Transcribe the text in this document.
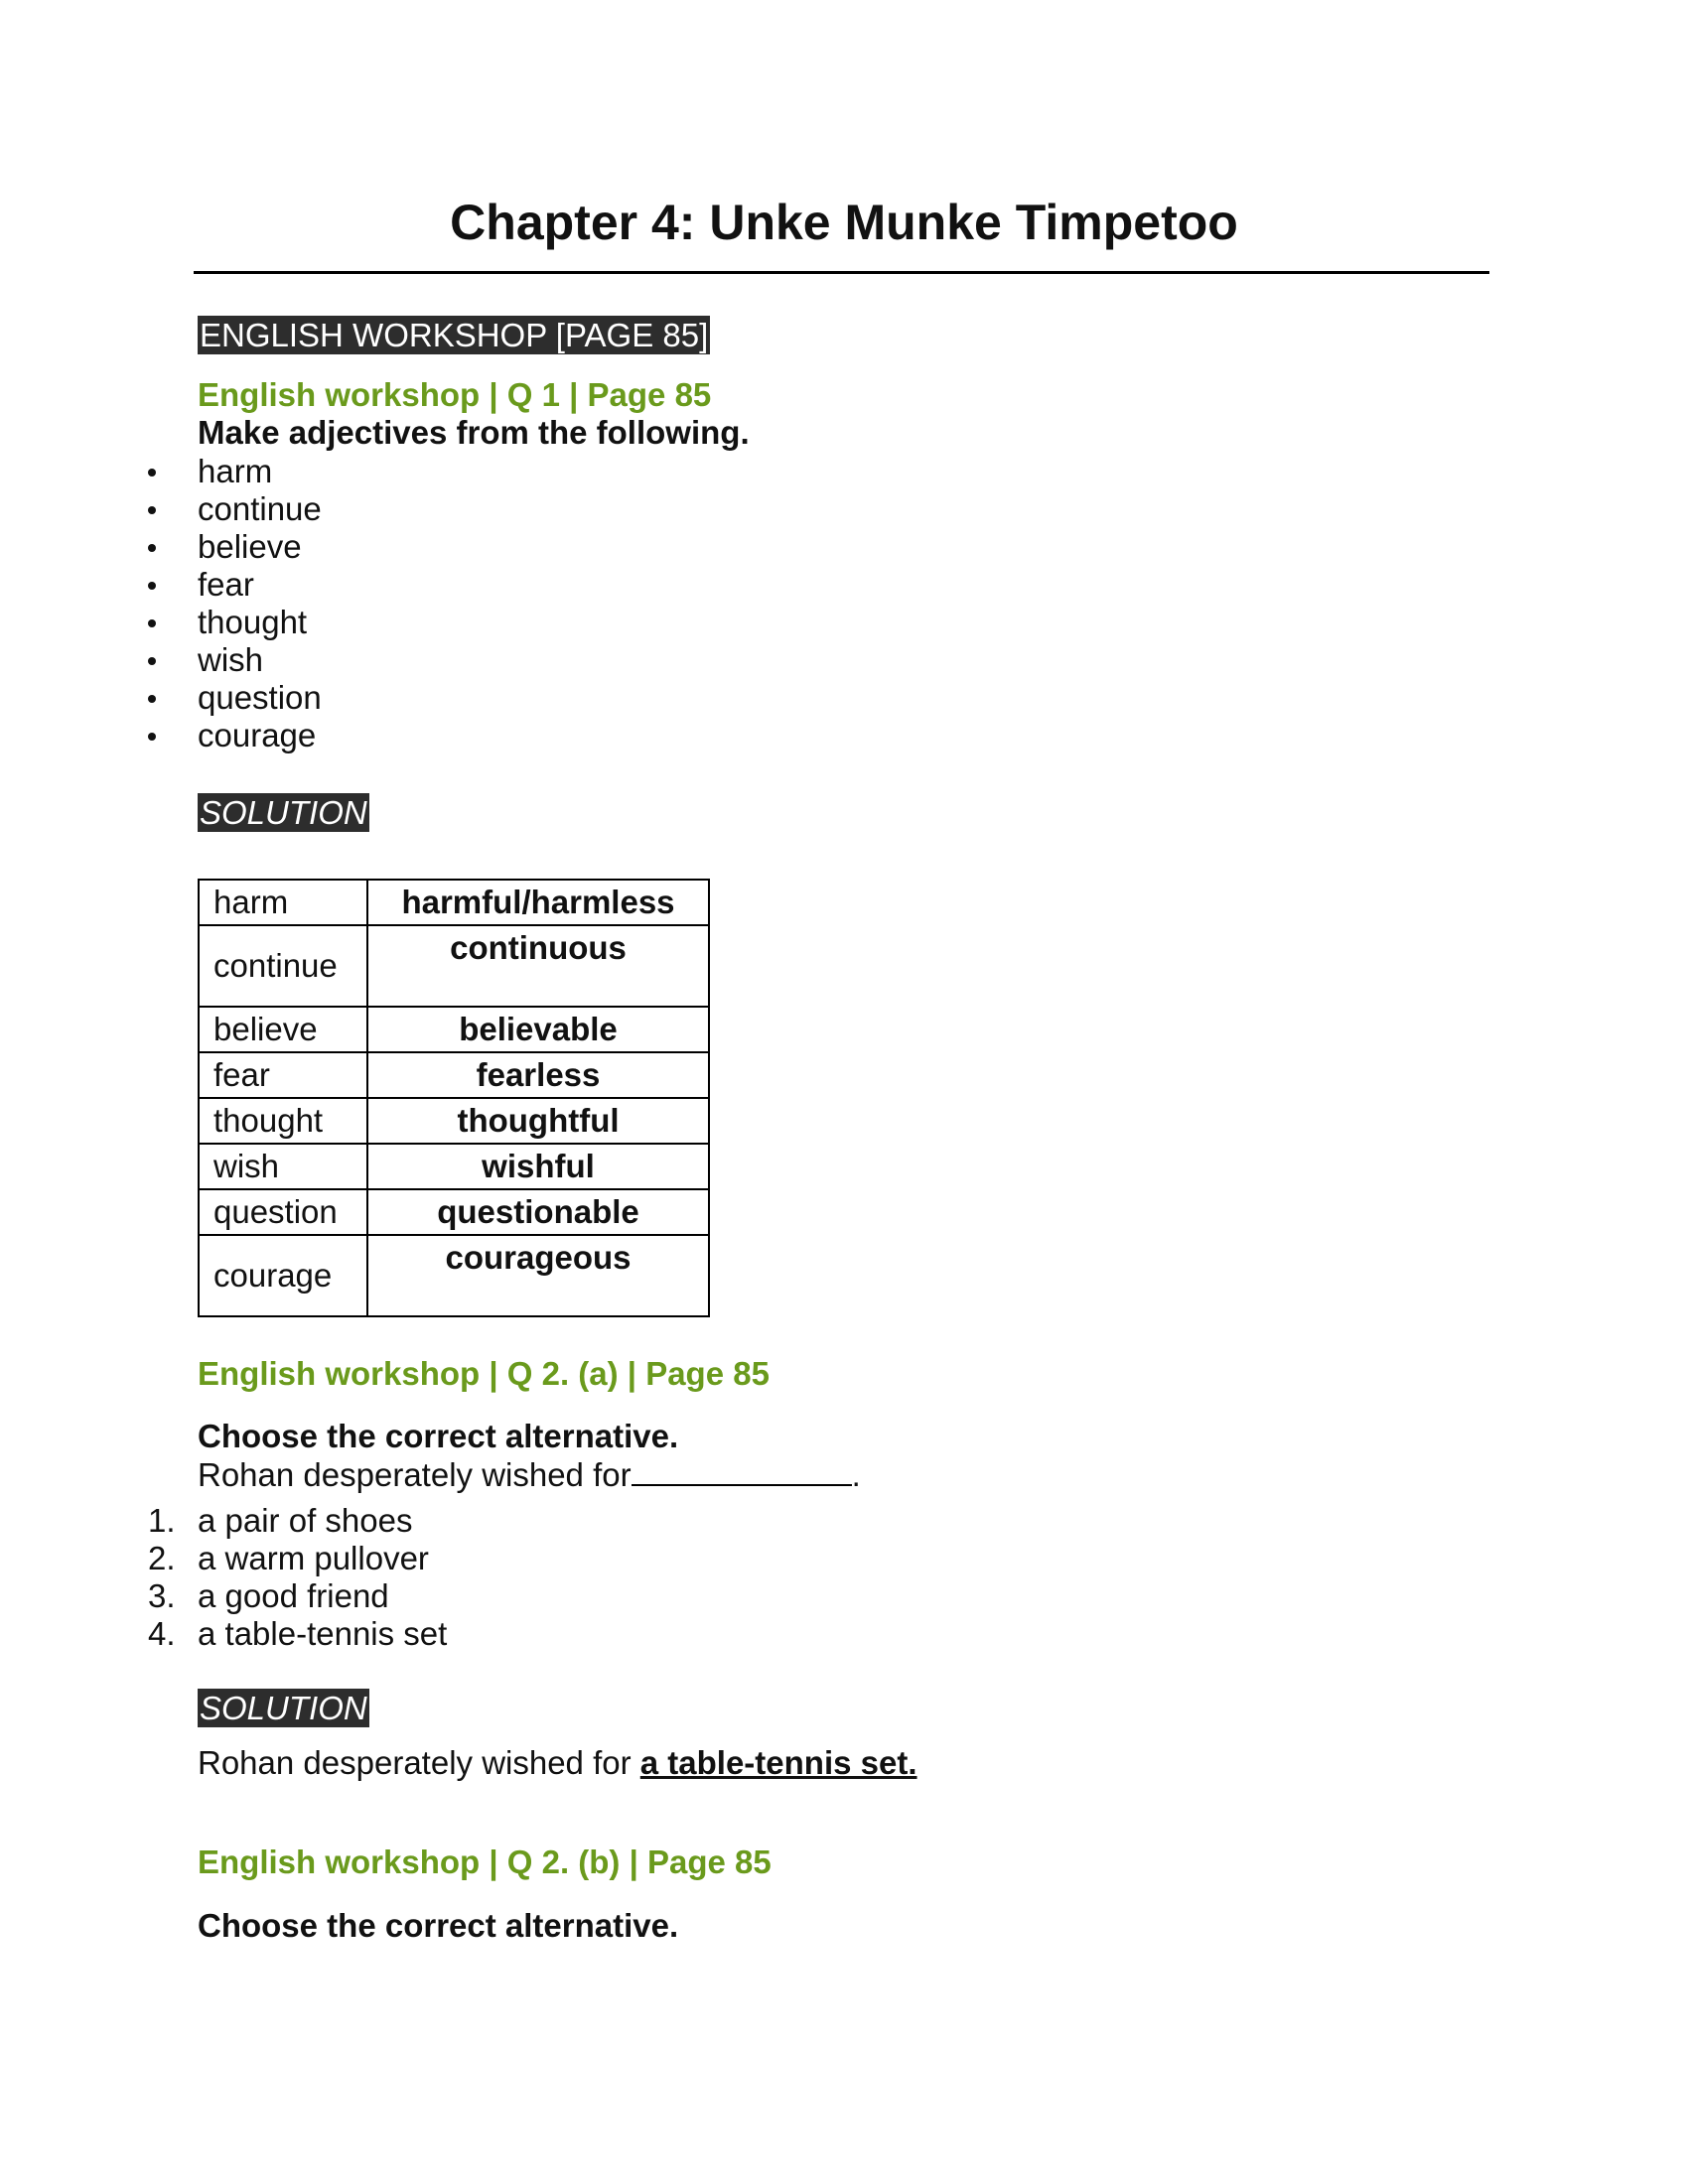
Chapter 4: Unke Munke Timpetoo
ENGLISH WORKSHOP [PAGE 85]

English workshop | Q 1 | Page 85

Make adjectives from the following.

harm
continue
believe
fear
thought
wish
question
courage
SOLUTION
harm	harmful/harmless
continue	continuous
believe	believable
fear	fearless
thought	thoughtful
wish	wishful
question	questionable
courage	courageous

English workshop | Q 2. (a) | Page 85

Choose the correct alternative.

Rohan desperately wished for	.

1. a pair of shoes
2. a warm pullover
3. a good friend
4. a table-tennis set
SOLUTION

Rohan desperately wished for a table-tennis set.

English workshop | Q 2. (b) | Page 85

Choose the correct alternative.
